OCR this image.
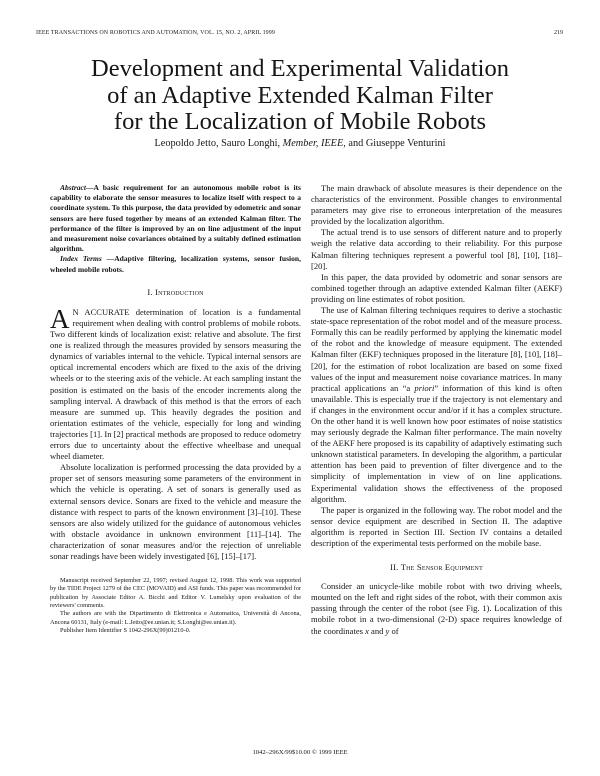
IEEE TRANSACTIONS ON ROBOTICS AND AUTOMATION, VOL. 15, NO. 2, APRIL 1999	219
Development and Experimental Validation
of an Adaptive Extended Kalman Filter
for the Localization of Mobile Robots
Leopoldo Jetto, Sauro Longhi, Member, IEEE, and Giuseppe Venturini

Abstract—A basic requirement for an autonomous mobile robot is its capability to elaborate the sensor measures to localize itself with respect to a coordinate system. To this purpose, the data provided by odometric and sonar sensors are here fused together by means of an extended Kalman filter. The performance of the filter is improved by an on line adjustment of the input and measurement noise covariances obtained by a suitably defined estimation algorithm.

Index Terms —Adaptive filtering, localization systems, sensor fusion, wheeled mobile robots.

I. Introduction

A N ACCURATE determination of location is a fundamental requirement when dealing with control problems of mobile robots. Two different kinds of localization exist: relative and absolute. The first one is realized through the measures provided by sensors measuring the dynamics of variables internal to the vehicle. Typical internal sensors are optical incremental encoders which are fixed to the axis of the driving wheels or to the steering axis of the vehicle. At each sampling instant the position is estimated on the basis of the encoder increments along the sampling interval. A drawback of this method is that the errors of each measure are summed up. This heavily degrades the position and orientation estimates of the vehicle, especially for long and winding trajectories [1]. In [2] practical methods are proposed to reduce odometry errors due to uncertainty about the effective wheelbase and unequal wheel diameter.

Absolute localization is performed processing the data provided by a proper set of sensors measuring some parameters of the environment in which the vehicle is operating. A set of sonars is generally used as external sensors device. Sonars are fixed to the vehicle and measure the distance with respect to parts of the known environment [3]–[10]. These sensors are also widely utilized for the guidance of autonomous vehicles with obstacle avoidance in unknown environment [11]–[14]. The characterization of sonar measures and/or the rejection of unreliable sonar readings have been widely investigated [6], [15]–[17].

Manuscript received September 22, 1997; revised August 12, 1998. This work was supported by the TIDE Project 1279 of the CEC (MOVAID) and ASI funds. This paper was recommended for publication by Associate Editor A. Bicchi and Editor V. Lumelsky upon evaluation of the reviewers' comments.

The authors are with the Dipartimento di Elettronica e Automatica, Università di Ancona, Ancona 60131, Italy (e-mail: L.Jetto@ee.unian.it; S.Longhi@ee.unian.it).

Publisher Item Identifier S 1042-296X(99)01210-0.

The main drawback of absolute measures is their dependence on the characteristics of the environment. Possible changes to environmental parameters may give rise to erroneous interpretation of the measures provided by the localization algorithm.

The actual trend is to use sensors of different nature and to properly weigh the relative data according to their reliability. For this purpose Kalman filtering techniques represent a powerful tool [8], [10], [18]–[20].

In this paper, the data provided by odometric and sonar sensors are combined together through an adaptive extended Kalman filter (AEKF) providing on line estimates of robot position.

The use of Kalman filtering techniques requires to derive a stochastic state-space representation of the robot model and of the measure process. Formally this can be readily performed by applying the kinematic model of the robot and the knowledge of measure equipment. The extended Kalman filter (EKF) techniques proposed in the literature [8], [10], [18]–[20], for the estimation of robot localization are based on some fixed values of the input and measurement noise covariance matrices. In many practical applications an “a priori” information of this kind is often unavailable. This is especially true if the trajectory is not elementary and if changes in the environment occur and/or if it has a complex structure. On the other hand it is well known how poor estimates of noise statistics may seriously degrade the Kalman filter performance. The main novelty of the AEKF here proposed is its capability of adaptively estimating such unknown statistical parameters. In developing the algorithm, a particular attention has been paid to prevention of filter divergence and to the simplicity of implementation in view of on line applications. Experimental validation shows the effectiveness of the proposed algorithm.

The paper is organized in the following way. The robot model and the sensor device equipment are described in Section II. The adaptive algorithm is reported in Section III. Section IV contains a detailed description of the experimental tests performed on the mobile base.

II. The Sensor Equipment

Consider an unicycle-like mobile robot with two driving wheels, mounted on the left and right sides of the robot, with their common axis passing through the center of the robot (see Fig. 1). Localization of this mobile robot in a two-dimensional (2-D) space requires knowledge of the coordinates x and y of

1042–296X/99$10.00 © 1999 IEEE
